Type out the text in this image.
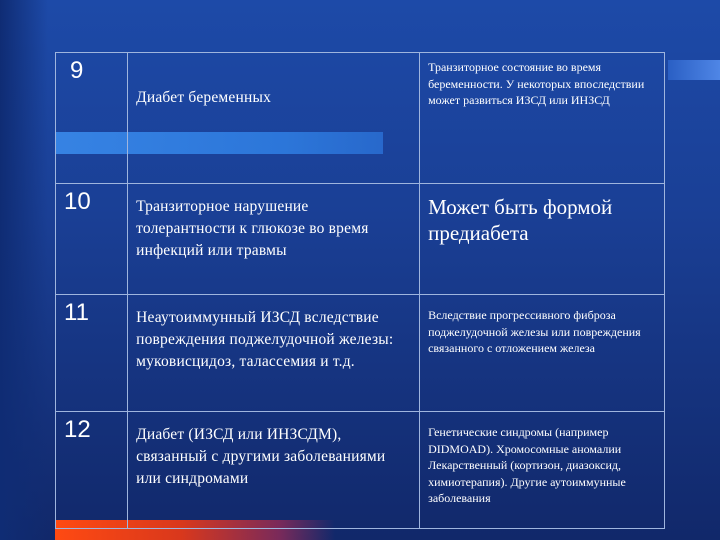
9	Диабет беременных	Транзиторное состояние во время беременности. У некоторых впоследствии может развиться ИЗСД или ИНЗСД
10	Транзиторное нарушение толерантности к глюкозе во время инфекций или травмы	Может быть формой предиабета
11	Неаутоиммунный ИЗСД вследствие повреждения поджелудочной железы: муковисцидоз, талассемия и т.д.	Вследствие прогрессивного фиброза поджелудочной железы или повреждения связанного с отложением железа
12	Диабет (ИЗСД или ИНЗСДМ), связанный с другими заболеваниями или синдромами	Генетические синдромы (например DIDMOAD). Хромосомные аномалии Лекарственный (кортизон, диазоксид, химиотерапия). Другие аутоиммунные заболевания
